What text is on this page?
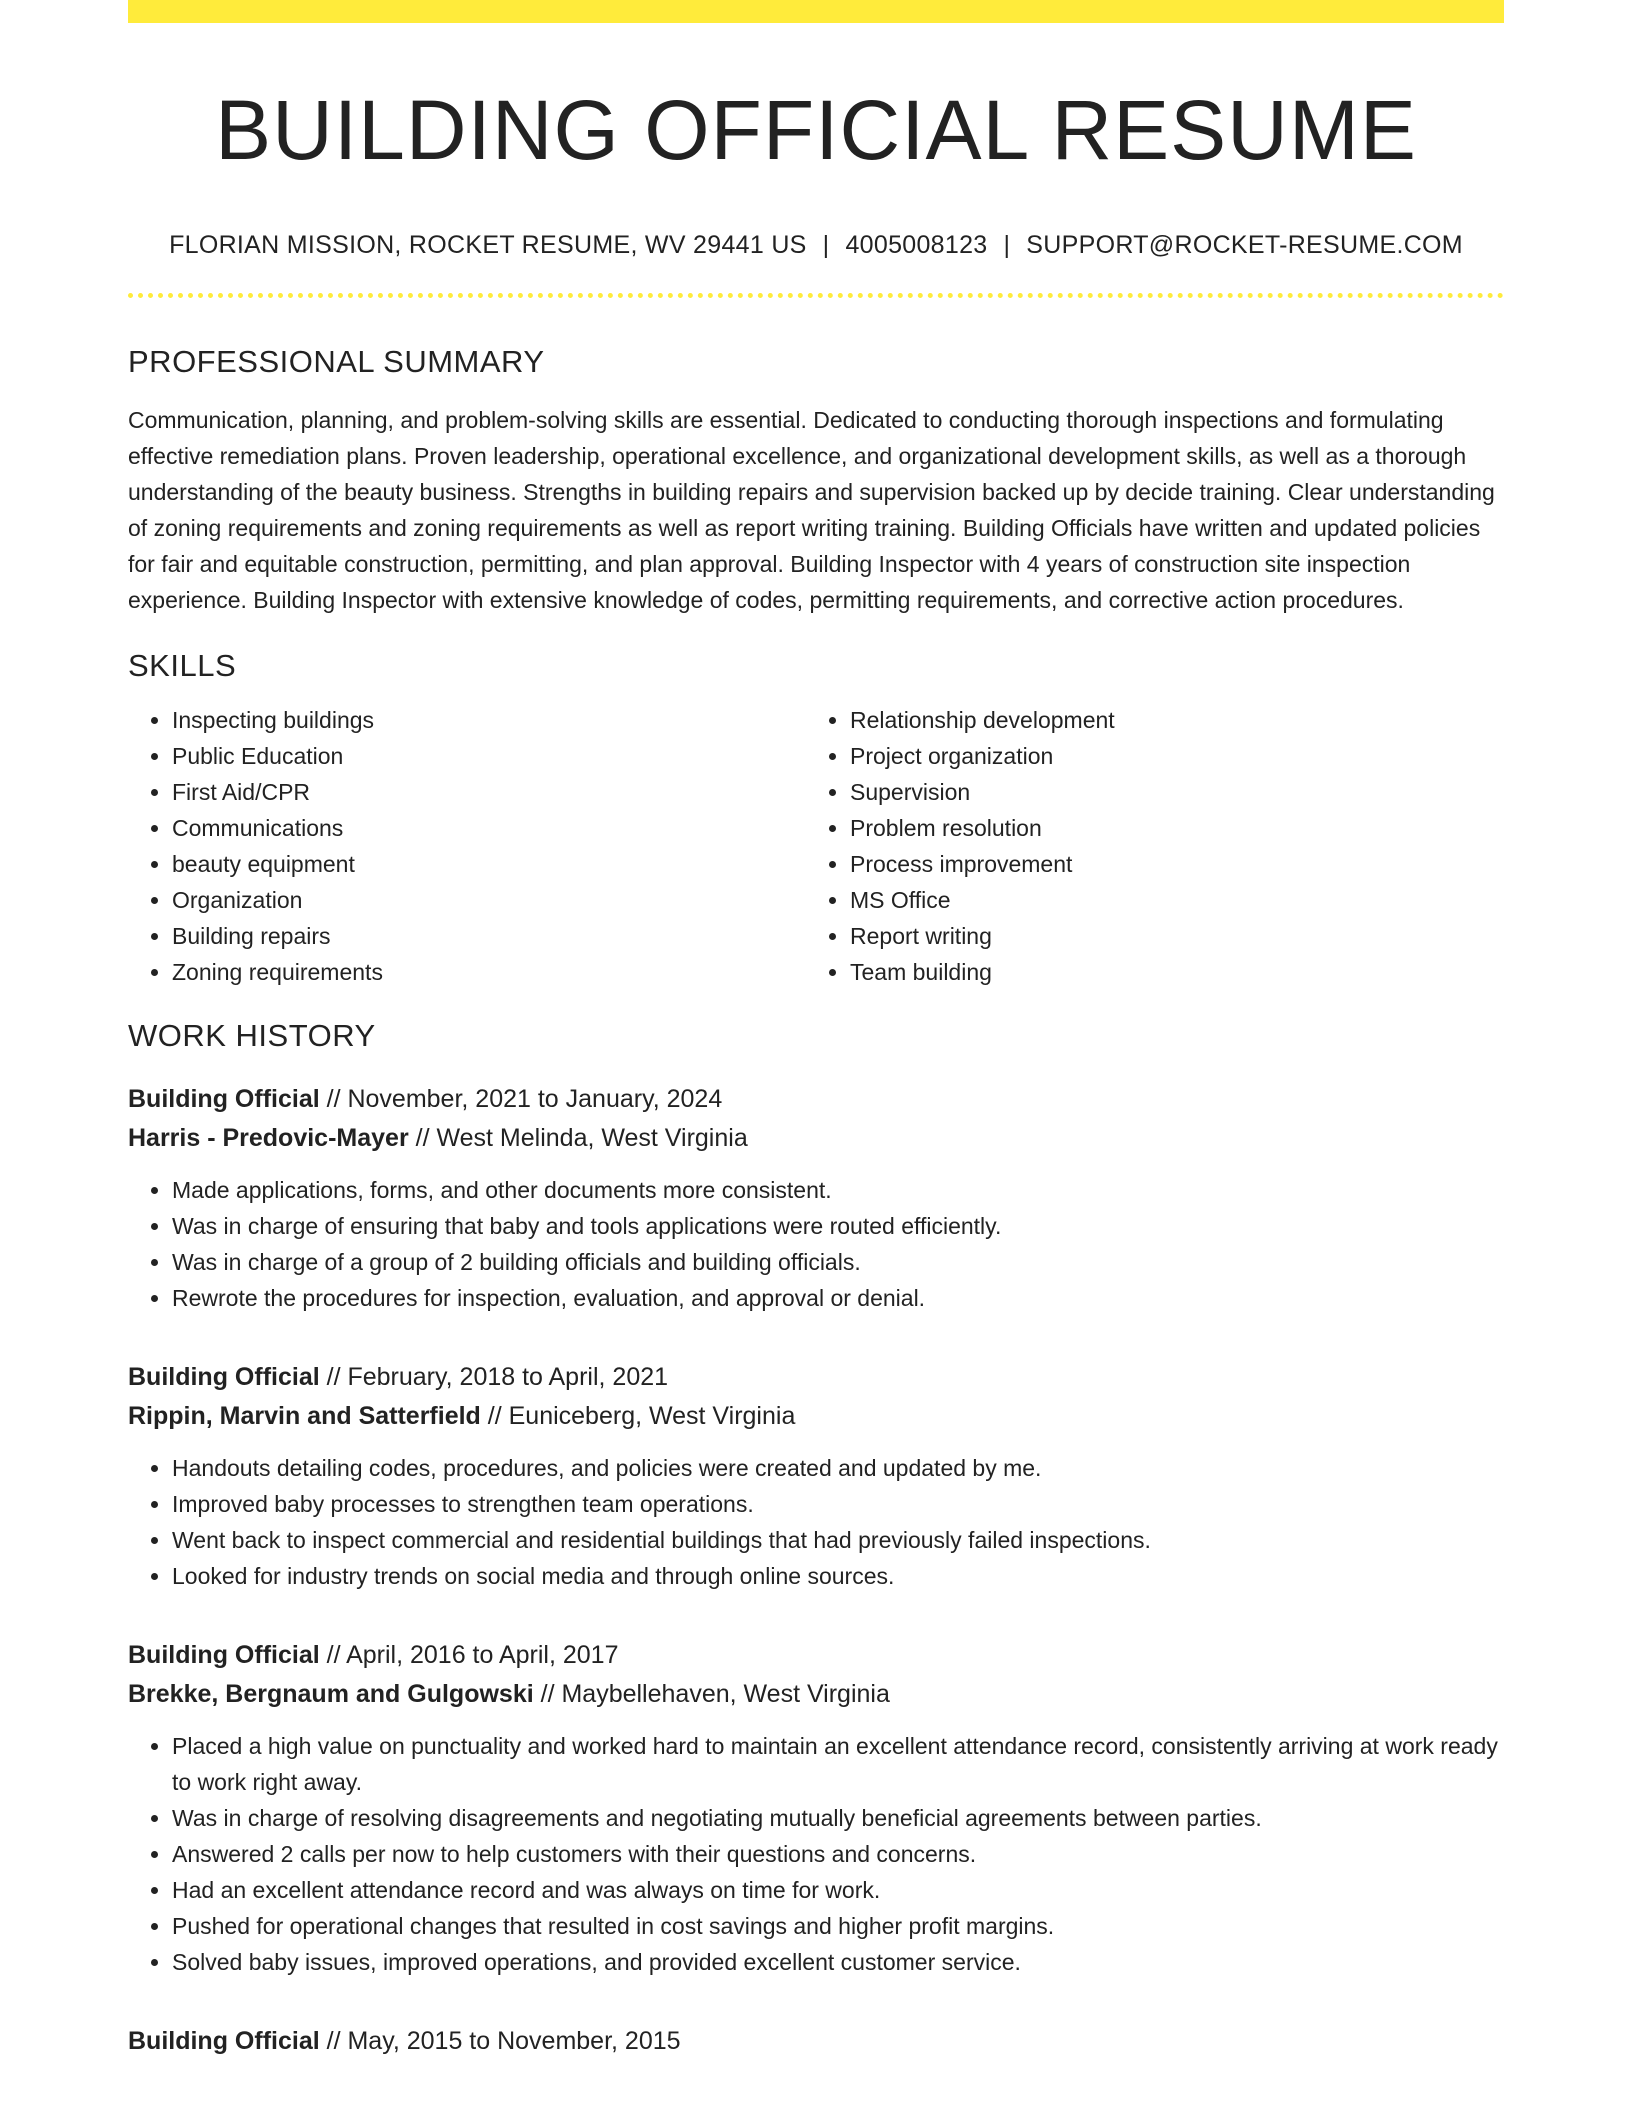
BUILDING OFFICIAL RESUME
FLORIAN MISSION, ROCKET RESUME, WV 29441 US | 4005008123 | SUPPORT@ROCKET-RESUME.COM
PROFESSIONAL SUMMARY

Communication, planning, and problem-solving skills are essential. Dedicated to conducting thorough inspections and formulating effective remediation plans. Proven leadership, operational excellence, and organizational development skills, as well as a thorough understanding of the beauty business. Strengths in building repairs and supervision backed up by decide training. Clear understanding of zoning requirements and zoning requirements as well as report writing training. Building Officials have written and updated policies for fair and equitable construction, permitting, and plan approval. Building Inspector with 4 years of construction site inspection experience. Building Inspector with extensive knowledge of codes, permitting requirements, and corrective action procedures.

SKILLS
• Inspecting buildings
• Public Education
• First Aid/CPR
• Communications
• beauty equipment
• Organization
• Building repairs
• Zoning requirements
• Relationship development
• Project organization
• Supervision
• Problem resolution
• Process improvement
• MS Office
• Report writing
• Team building
WORK HISTORY
Building Official // November, 2021 to January, 2024
Harris - Predovic-Mayer // West Melinda, West Virginia
• Made applications, forms, and other documents more consistent.
• Was in charge of ensuring that baby and tools applications were routed efficiently.
• Was in charge of a group of 2 building officials and building officials.
• Rewrote the procedures for inspection, evaluation, and approval or denial.
Building Official // February, 2018 to April, 2021
Rippin, Marvin and Satterfield // Euniceberg, West Virginia
• Handouts detailing codes, procedures, and policies were created and updated by me.
• Improved baby processes to strengthen team operations.
• Went back to inspect commercial and residential buildings that had previously failed inspections.
• Looked for industry trends on social media and through online sources.
Building Official // April, 2016 to April, 2017
Brekke, Bergnaum and Gulgowski // Maybellehaven, West Virginia
• Placed a high value on punctuality and worked hard to maintain an excellent attendance record, consistently arriving at work ready to work right away.
• Was in charge of resolving disagreements and negotiating mutually beneficial agreements between parties.
• Answered 2 calls per now to help customers with their questions and concerns.
• Had an excellent attendance record and was always on time for work.
• Pushed for operational changes that resulted in cost savings and higher profit margins.
• Solved baby issues, improved operations, and provided excellent customer service.
Building Official // May, 2015 to November, 2015
